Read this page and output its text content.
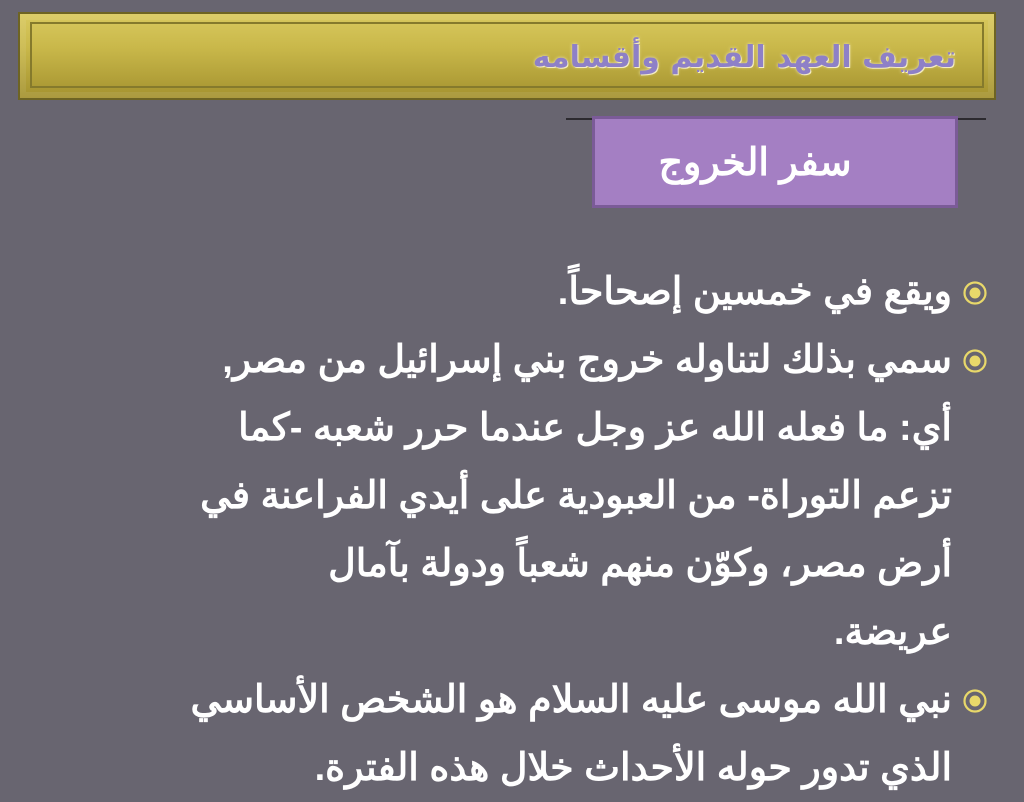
تعريف العهد القديم وأقسامه
سفر الخروج

ويقع في خمسين إصحاحاً.

سمي بذلك لتناوله خروج بني إسرائيل من مصر,
أي: ما فعله الله عز وجل عندما حرر شعبه -كما
تزعم التوراة- من العبودية على أيدي الفراعنة في
أرض مصر، وكوّن منهم شعباً ودولة بآمال
عريضة.

نبي الله موسى عليه السلام هو الشخص الأساسي
الذي تدور حوله الأحداث خلال هذه الفترة.
